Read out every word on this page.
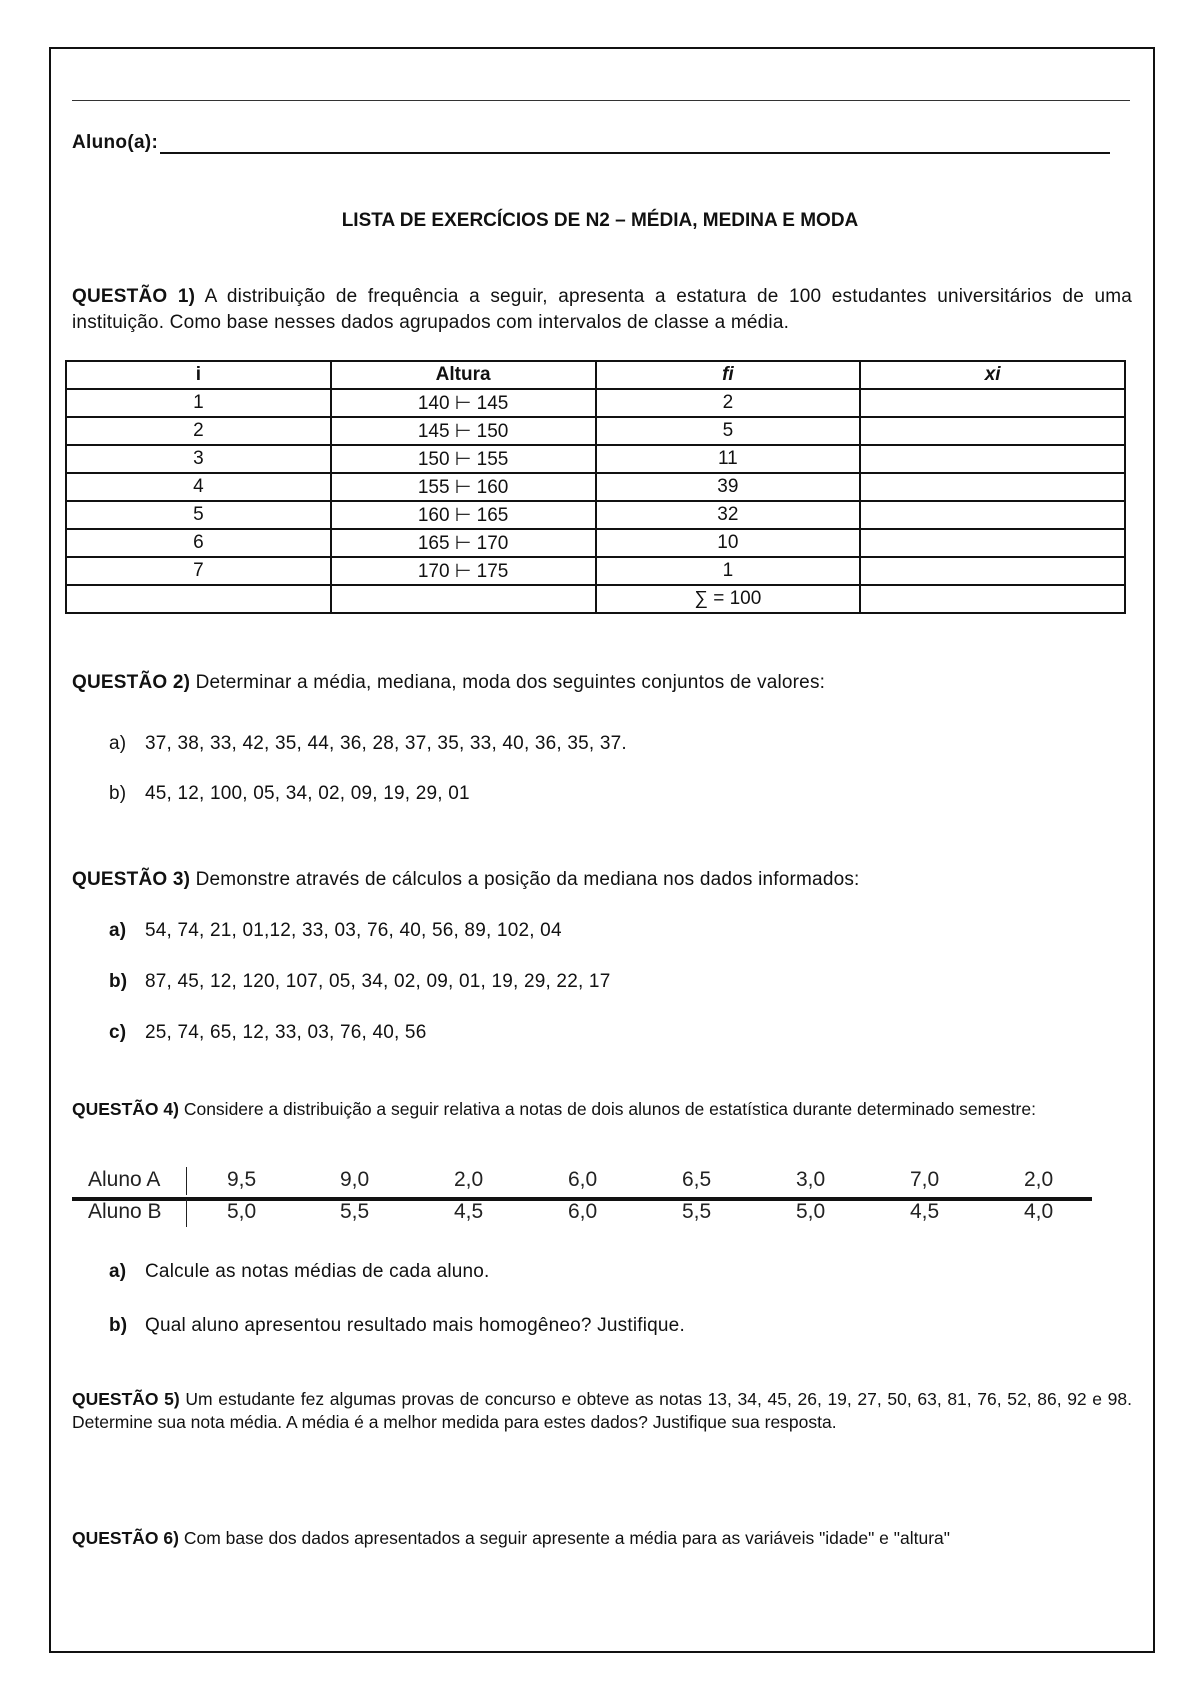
Aluno(a):
LISTA DE EXERCÍCIOS DE N2 – MÉDIA, MEDINA E MODA
QUESTÃO 1) A distribuição de frequência a seguir, apresenta a estatura de 100 estudantes universitários de uma instituição. Como base nesses dados agrupados com intervalos de classe a média.
i	Altura	fi	xi
1	140 ⊢ 145	2	
2	145 ⊢ 150	5	
3	150 ⊢ 155	11	
4	155 ⊢ 160	39	
5	160 ⊢ 165	32	
6	165 ⊢ 170	10	
7	170 ⊢ 175	1	
		∑ = 100	
QUESTÃO 2) Determinar a média, mediana, moda dos seguintes conjuntos de valores:
a) 37, 38, 33, 42, 35, 44, 36, 28, 37, 35, 33, 40, 36, 35, 37.
b) 45, 12, 100, 05, 34, 02, 09, 19, 29, 01
QUESTÃO 3) Demonstre através de cálculos a posição da mediana nos dados informados:
a) 54, 74, 21, 01,12, 33, 03, 76, 40, 56, 89, 102, 04
b) 87, 45, 12, 120, 107, 05, 34, 02, 09, 01, 19, 29, 22, 17
c) 25, 74, 65, 12, 33, 03, 76, 40, 56
QUESTÃO 4) Considere a distribuição a seguir relativa a notas de dois alunos de estatística durante determinado semestre:
Aluno A	9,5	9,0	2,0	6,0	6,5	3,0	7,0	2,0
Aluno B	5,0	5,5	4,5	6,0	5,5	5,0	4,5	4,0
a) Calcule as notas médias de cada aluno.
b) Qual aluno apresentou resultado mais homogêneo? Justifique.
QUESTÃO 5) Um estudante fez algumas provas de concurso e obteve as notas 13, 34, 45, 26, 19, 27, 50, 63, 81, 76, 52, 86, 92 e 98. Determine sua nota média. A média é a melhor medida para estes dados? Justifique sua resposta.
QUESTÃO 6) Com base dos dados apresentados a seguir apresente a média para as variáveis "idade" e "altura"
